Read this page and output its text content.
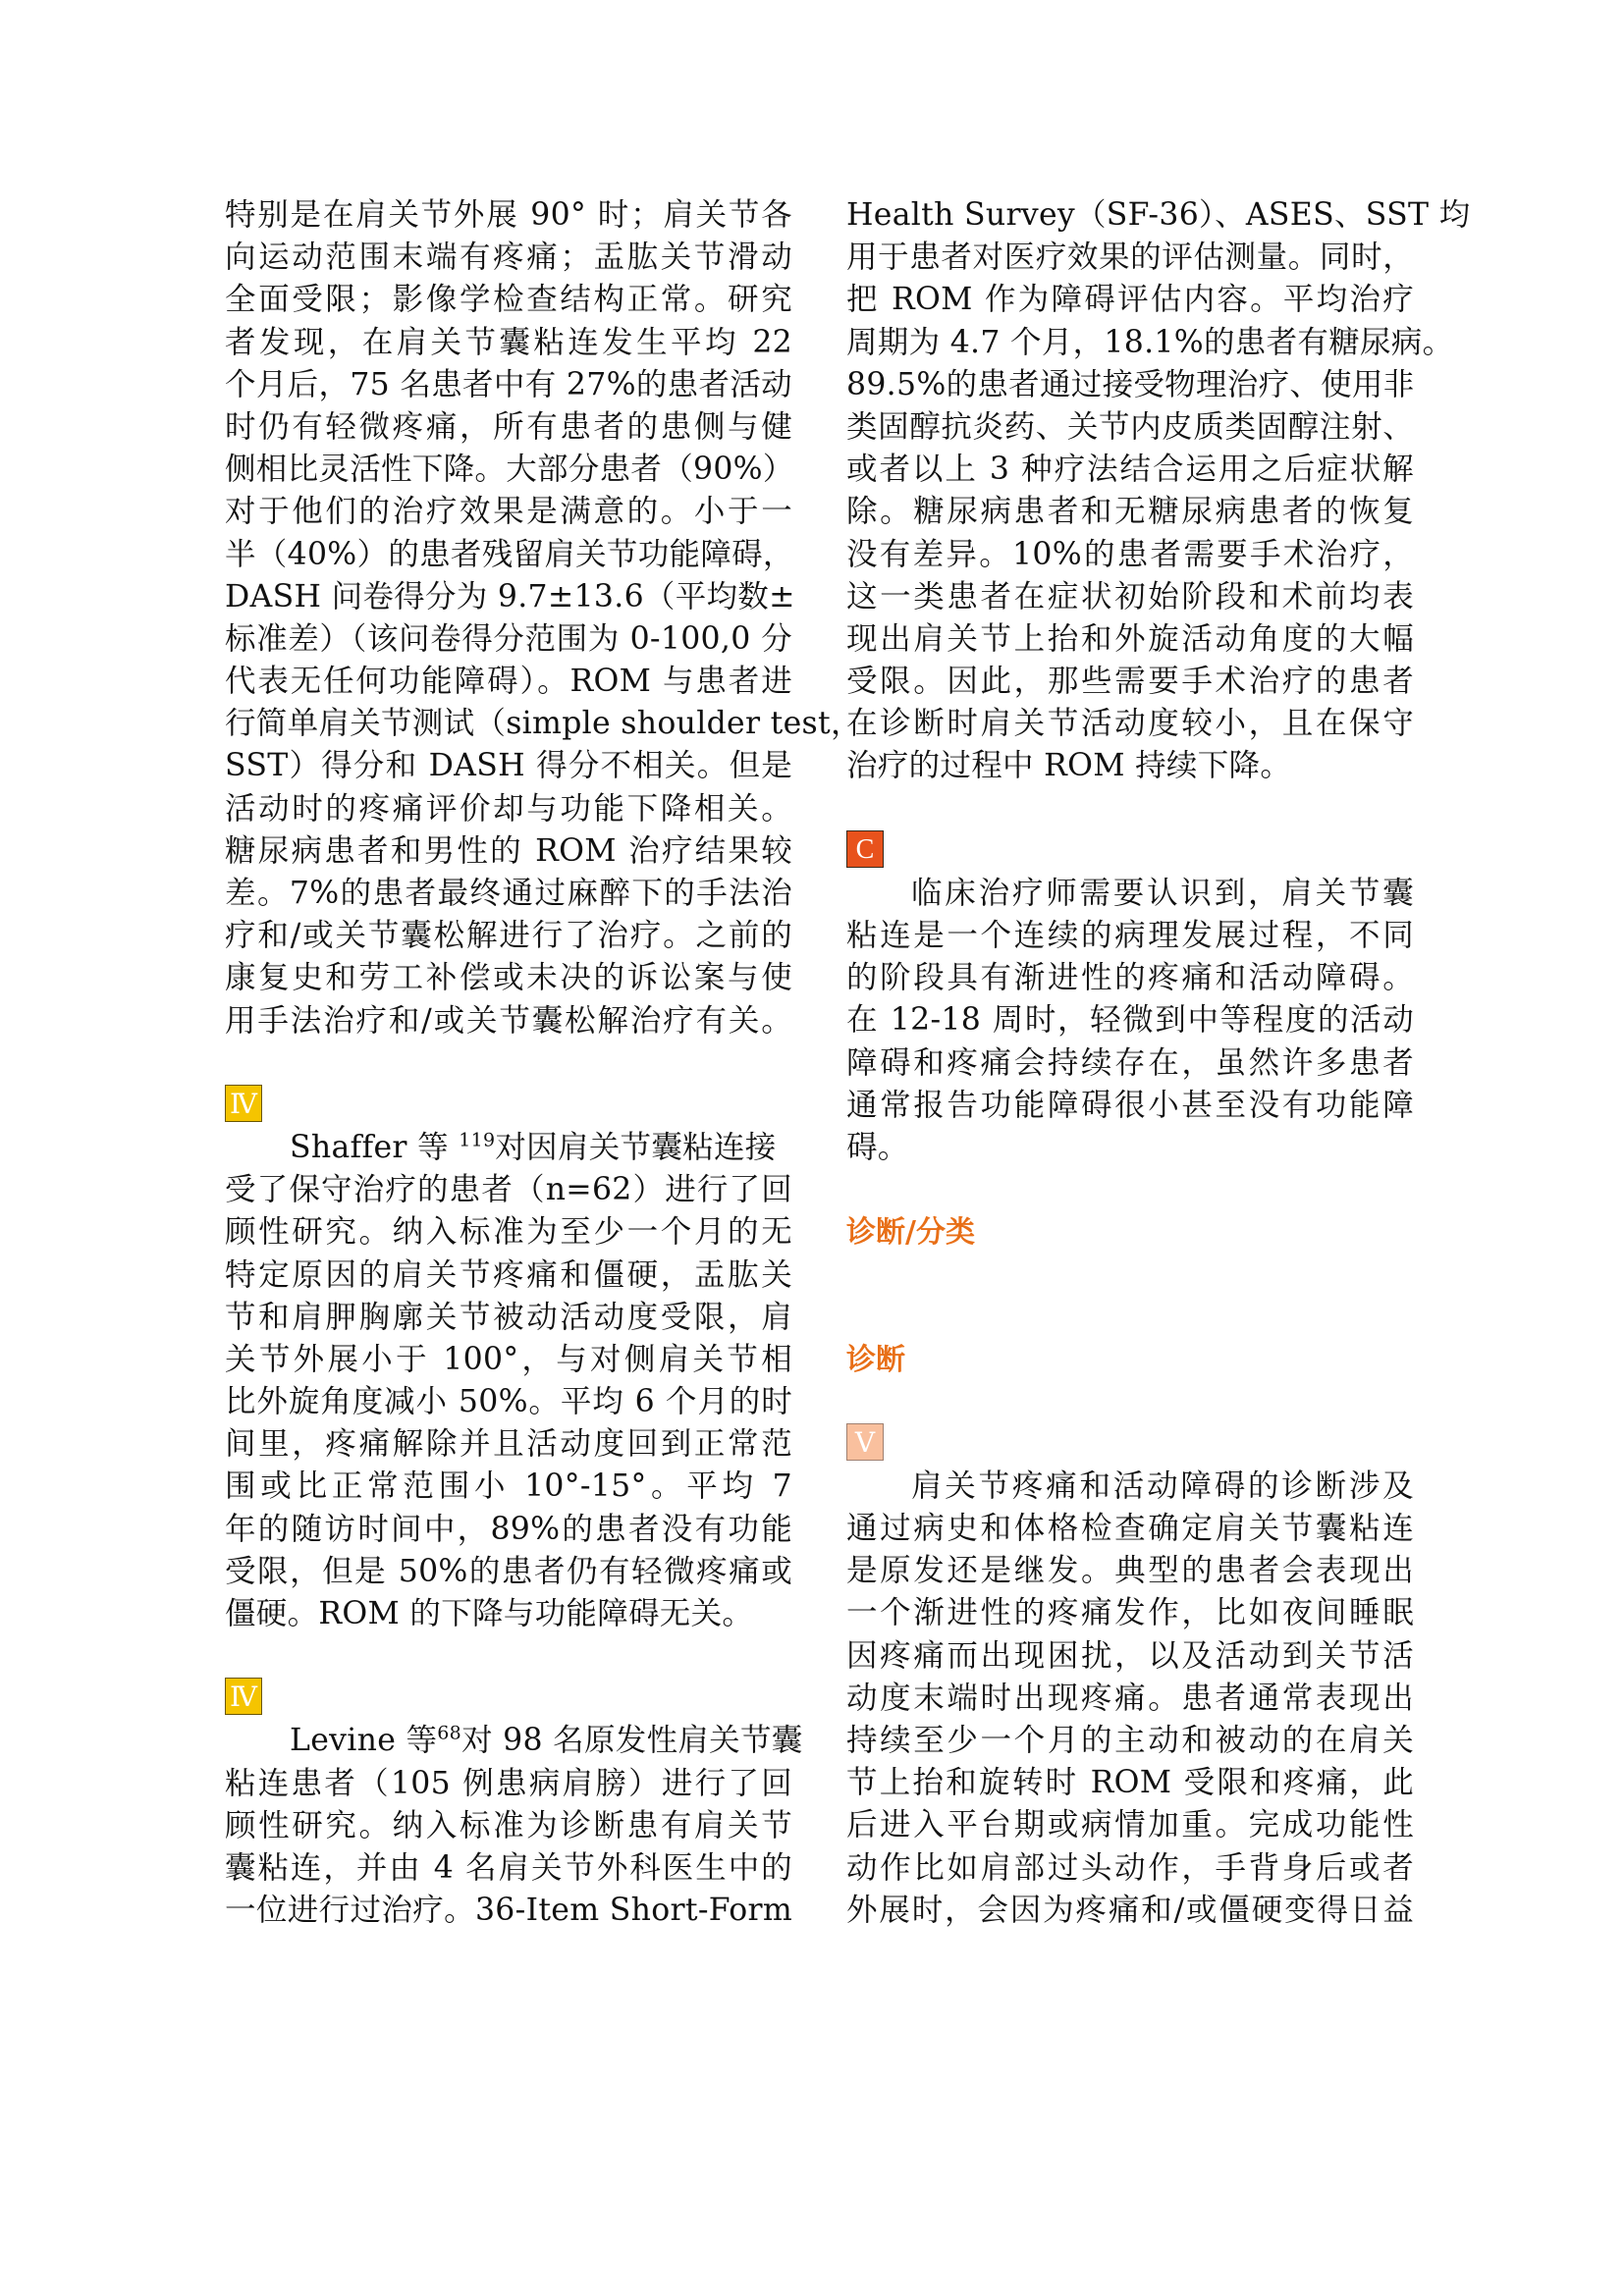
特别是在肩关节外展 90° 时；肩关节各
向运动范围末端有疼痛；盂肱关节滑动
全面受限；影像学检查结构正常。研究
者发现，在肩关节囊粘连发生平均 22
个月后，75 名患者中有 27%的患者活动
时仍有轻微疼痛，所有患者的患侧与健
侧相比灵活性下降。大部分患者（90%）
对于他们的治疗效果是满意的。小于一
半（40%）的患者残留肩关节功能障碍，
DASH 问卷得分为 9.7±13.6（平均数±
标准差）（该问卷得分范围为 0-100,0 分
代表无任何功能障碍）。ROM 与患者进
行简单肩关节测试（simple shoulder test，
SST）得分和 DASH 得分不相关。但是
活动时的疼痛评价却与功能下降相关。
糖尿病患者和男性的 ROM 治疗结果较
差。7%的患者最终通过麻醉下的手法治
疗和/或关节囊松解进行了治疗。之前的
康复史和劳工补偿或未决的诉讼案与使
用手法治疗和/或关节囊松解治疗有关。
Ⅳ
Shaffer 等 $^{119}$对因肩关节囊粘连接
受了保守治疗的患者（n=62）进行了回
顾性研究。纳入标准为至少一个月的无
特定原因的肩关节疼痛和僵硬，盂肱关
节和肩胛胸廓关节被动活动度受限，肩
关节外展小于 100°，与对侧肩关节相
比外旋角度减小 50%。平均 6 个月的时
间里，疼痛解除并且活动度回到正常范
围或比正常范围小 10°-15°。平均 7
年的随访时间中，89%的患者没有功能
受限，但是 50%的患者仍有轻微疼痛或
僵硬。ROM 的下降与功能障碍无关。
Ⅳ
Levine 等$^{68}$对 98 名原发性肩关节囊
粘连患者（105 例患病肩膀）进行了回
顾性研究。纳入标准为诊断患有肩关节
囊粘连，并由 4 名肩关节外科医生中的
一位进行过治疗。36-Item Short-Form
Health Survey（SF-36）、ASES、SST 均
用于患者对医疗效果的评估测量。同时，
把 ROM 作为障碍评估内容。平均治疗
周期为 4.7 个月，18.1%的患者有糖尿病。
89.5%的患者通过接受物理治疗、使用非
类固醇抗炎药、关节内皮质类固醇注射、
或者以上 3 种疗法结合运用之后症状解
除。糖尿病患者和无糖尿病患者的恢复
没有差异。10%的患者需要手术治疗，
这一类患者在症状初始阶段和术前均表
现出肩关节上抬和外旋活动角度的大幅
受限。因此，那些需要手术治疗的患者
在诊断时肩关节活动度较小，且在保守
治疗的过程中 ROM 持续下降。
C
临床治疗师需要认识到，肩关节囊
粘连是一个连续的病理发展过程，不同
的阶段具有渐进性的疼痛和活动障碍。
在 12-18 周时，轻微到中等程度的活动
障碍和疼痛会持续存在，虽然许多患者
通常报告功能障碍很小甚至没有功能障
碍。
诊断/分类
诊断
Ⅴ
肩关节疼痛和活动障碍的诊断涉及
通过病史和体格检查确定肩关节囊粘连
是原发还是继发。典型的患者会表现出
一个渐进性的疼痛发作，比如夜间睡眠
因疼痛而出现困扰，以及活动到关节活
动度末端时出现疼痛。患者通常表现出
持续至少一个月的主动和被动的在肩关
节上抬和旋转时 ROM 受限和疼痛，此
后进入平台期或病情加重。完成功能性
动作比如肩部过头动作，手背身后或者
外展时，会因为疼痛和/或僵硬变得日益
